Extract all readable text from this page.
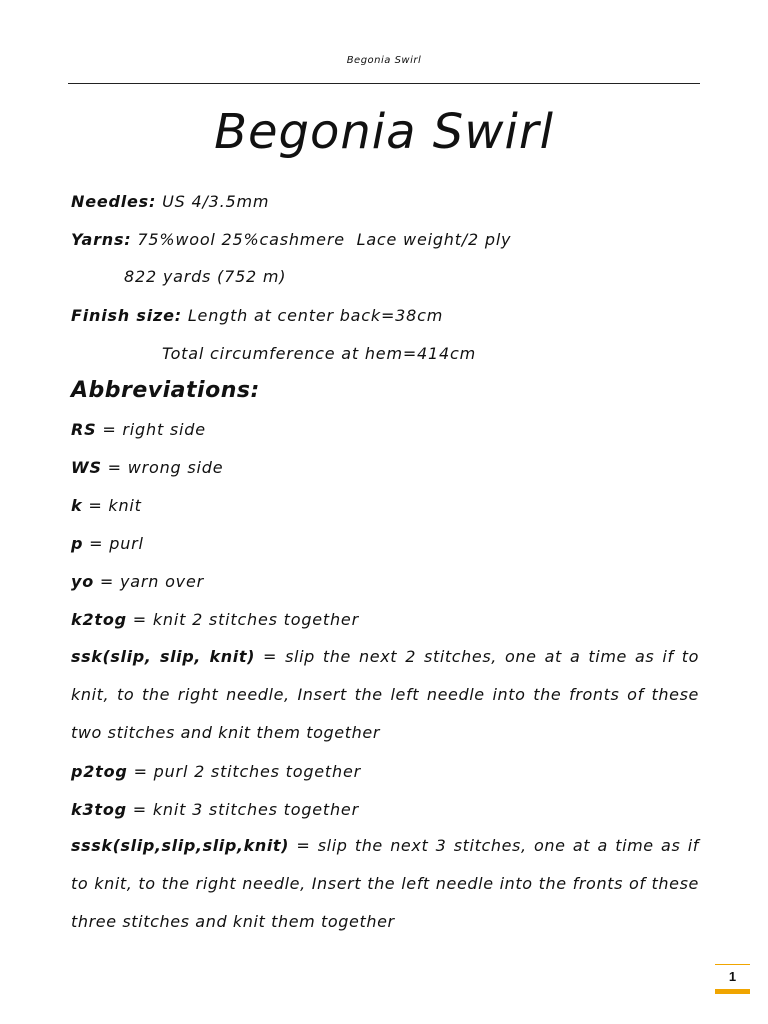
Begonia Swirl
Begonia Swirl
Needles: US 4/3.5mm
Yarns: 75%wool 25%cashmere  Lace weight/2 ply
822 yards (752 m)
Finish size: Length at center back=38cm
Total circumference at hem=414cm
Abbreviations:
RS = right side
WS = wrong side
k = knit
p = purl
yo = yarn over
k2tog = knit 2 stitches together
ssk(slip, slip, knit) = slip the next 2 stitches, one at a time as if to knit, to the right needle, Insert the left needle into the fronts of these two stitches and knit them together
p2tog = purl 2 stitches together
k3tog = knit 3 stitches together
sssk(slip,slip,slip,knit) = slip the next 3 stitches, one at a time as if to knit, to the right needle, Insert the left needle into the fronts of these three stitches and knit them together
1
